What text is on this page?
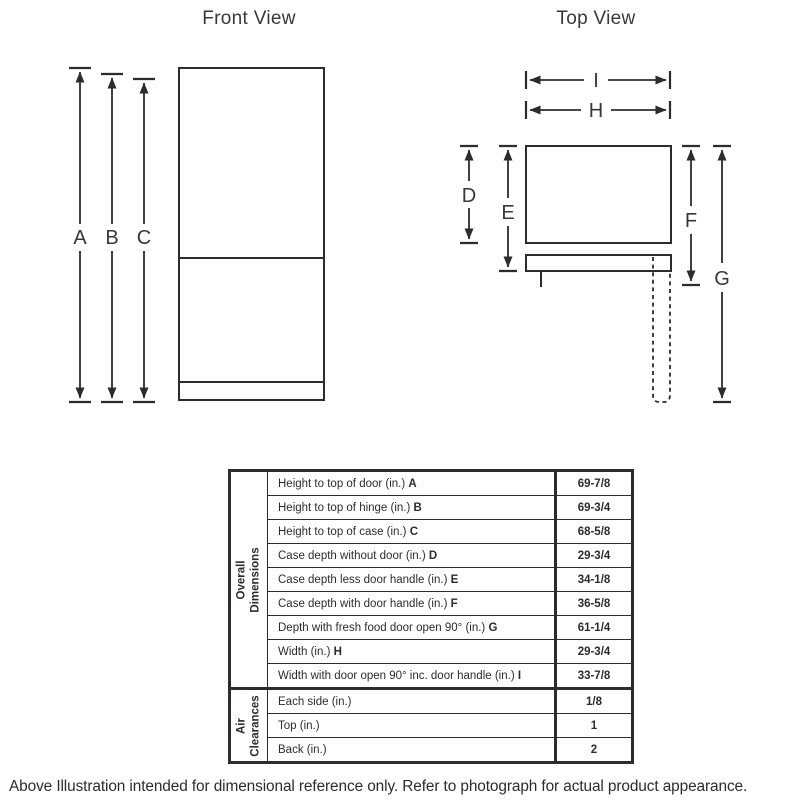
Front View
A B C
Top View
I
H
D
E	F
G
Overall Dimensions	Height to top of door (in.) A	69-7/8
	Height to top of hinge (in.) B	69-3/4
	Height to top of case (in.) C	68-5/8
	Case depth without door (in.) D	29-3/4
	Case depth less door handle (in.) E	34-1/8
	Case depth with door handle (in.) F	36-5/8
	Depth with fresh food door open 90° (in.) G	61-1/4
	Width (in.) H	29-3/4
	Width with door open 90° inc. door handle (in.) I	33-7/8

Air Clearances	Each side (in.)	1/8
	Top (in.)	1
	Back (in.)	2
Above Illustration intended for dimensional reference only. Refer to photograph for actual product appearance.
